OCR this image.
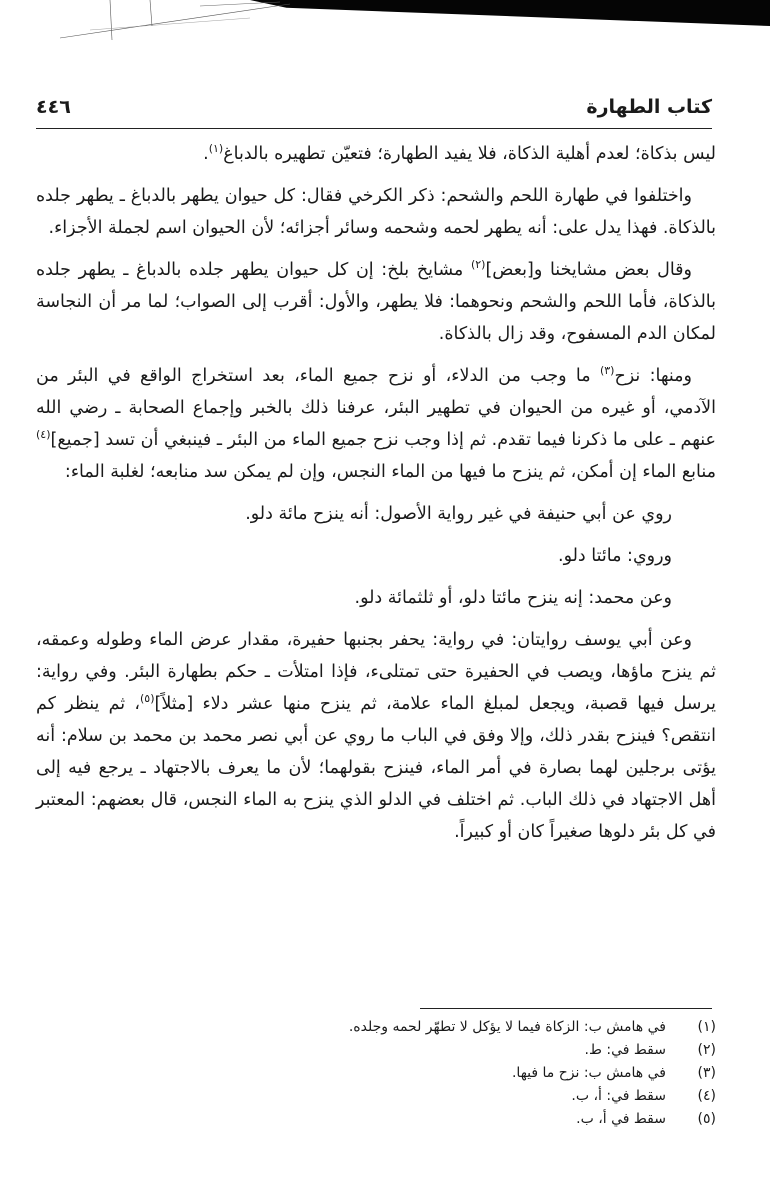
كتاب الطهارة
٤٤٦

ليس بذكاة؛ لعدم أهلية الذكاة، فلا يفيد الطهارة؛ فتعيّن تطهيره بالدباغ$^{(١)}$.

واختلفوا في طهارة اللحم والشحم: ذكر الكرخي فقال: كل حيوان يطهر بالدباغ ـ يطهر جلده بالذكاة. فهذا يدل على: أنه يطهر لحمه وشحمه وسائر أجزائه؛ لأن الحيوان اسم لجملة الأجزاء.

وقال بعض مشايخنا و[بعض]$^{(٢)}$ مشايخ بلخ: إن كل حيوان يطهر جلده بالدباغ ـ يطهر جلده بالذكاة، فأما اللحم والشحم ونحوهما: فلا يطهر، والأول: أقرب إلى الصواب؛ لما مر أن النجاسة لمكان الدم المسفوح، وقد زال بالذكاة.

ومنها: نزح$^{(٣)}$ ما وجب من الدلاء، أو نزح جميع الماء، بعد استخراج الواقع في البئر من الآدمي، أو غيره من الحيوان في تطهير البئر، عرفنا ذلك بالخبر وإجماع الصحابة ـ رضي الله عنهم ـ على ما ذكرنا فيما تقدم. ثم إذا وجب نزح جميع الماء من البئر ـ فينبغي أن تسد [جميع]$^{(٤)}$ منابع الماء إن أمكن، ثم ينزح ما فيها من الماء النجس، وإن لم يمكن سد منابعه؛ لغلبة الماء:

روي عن أبي حنيفة في غير رواية الأصول: أنه ينزح مائة دلو.

وروي: مائتا دلو.

وعن محمد: إنه ينزح مائتا دلو، أو ثلثمائة دلو.

وعن أبي يوسف روايتان: في رواية: يحفر بجنبها حفيرة، مقدار عرض الماء وطوله وعمقه، ثم ينزح ماؤها، ويصب في الحفيرة حتى تمتلىء، فإذا امتلأت ـ حكم بطهارة البئر. وفي رواية: يرسل فيها قصبة، ويجعل لمبلغ الماء علامة، ثم ينزح منها عشر دلاء [مثلاً]$^{(٥)}$، ثم ينظر كم انتقص؟ فينزح بقدر ذلك، وإلا وفق في الباب ما روي عن أبي نصر محمد بن محمد بن سلام: أنه يؤتى برجلين لهما بصارة في أمر الماء، فينزح بقولهما؛ لأن ما يعرف بالاجتهاد ـ يرجع فيه إلى أهل الاجتهاد في ذلك الباب. ثم اختلف في الدلو الذي ينزح به الماء النجس، قال بعضهم: المعتبر في كل بئر دلوها صغيراً كان أو كبيراً.

(١)
في هامش ب: الزكاة فيما لا يؤكل لا تطهّر لحمه وجلده.
(٢)
سقط في: ط.
(٣)
في هامش ب: نزح ما فيها.
(٤)
سقط في: أ، ب.
(٥)
سقط في أ، ب.
